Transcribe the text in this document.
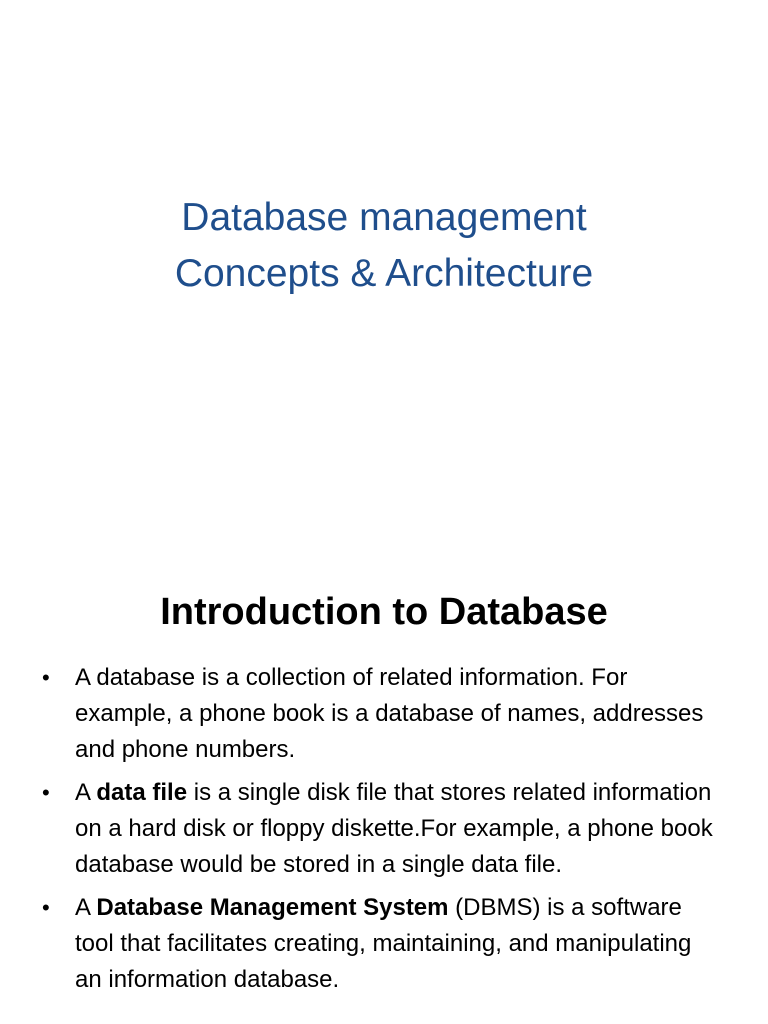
Database management
Concepts & Architecture
Introduction to Database
• A database is a collection of related information. For example, a phone book is a database of names, addresses and phone numbers.
• A data file is a single disk file that stores related information on a hard disk or floppy diskette.For example, a phone book database would be stored in a single data file.
• A Database Management System (DBMS) is a software tool that facilitates creating, maintaining, and manipulating an information database.
